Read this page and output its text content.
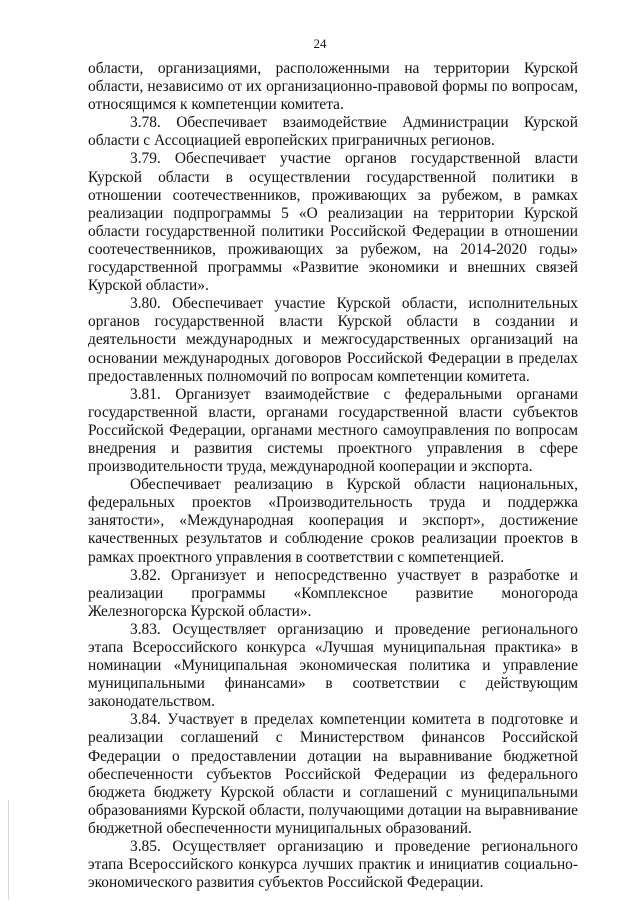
24

области, организациями, расположенными на территории Курской области, независимо от их организационно-правовой формы по вопросам, относящимся к компетенции комитета.

3.78. Обеспечивает взаимодействие Администрации Курской области с Ассоциацией европейских приграничных регионов.

3.79. Обеспечивает участие органов государственной власти Курской области в осуществлении государственной политики в отношении соотечественников, проживающих за рубежом, в рамках реализации подпрограммы 5 «О реализации на территории Курской области государственной политики Российской Федерации в отношении соотечественников, проживающих за рубежом, на 2014-2020 годы» государственной программы «Развитие экономики и внешних связей Курской области».

3.80. Обеспечивает участие Курской области, исполнительных органов государственной власти Курской области в создании и деятельности международных и межгосударственных организаций на основании международных договоров Российской Федерации в пределах предоставленных полномочий по вопросам компетенции комитета.

3.81. Организует взаимодействие с федеральными органами государственной власти, органами государственной власти субъектов Российской Федерации, органами местного самоуправления по вопросам внедрения и развития системы проектного управления в сфере производительности труда, международной кооперации и экспорта.

Обеспечивает реализацию в Курской области национальных, федеральных проектов «Производительность труда и поддержка занятости», «Международная кооперация и экспорт», достижение качественных результатов и соблюдение сроков реализации проектов в рамках проектного управления в соответствии с компетенцией.

3.82. Организует и непосредственно участвует в разработке и реализации программы «Комплексное развитие моногорода Железногорска Курской области».

3.83. Осуществляет организацию и проведение регионального этапа Всероссийского конкурса «Лучшая муниципальная практика» в номинации «Муниципальная экономическая политика и управление муниципальными финансами» в соответствии с действующим законодательством.

3.84. Участвует в пределах компетенции комитета в подготовке и реализации соглашений с Министерством финансов Российской Федерации о предоставлении дотации на выравнивание бюджетной обеспеченности субъектов Российской Федерации из федерального бюджета бюджету Курской области и соглашений с муниципальными образованиями Курской области, получающими дотации на выравнивание бюджетной обеспеченности муниципальных образований.

3.85. Осуществляет организацию и проведение регионального этапа Всероссийского конкурса лучших практик и инициатив социально-экономического развития субъектов Российской Федерации.
